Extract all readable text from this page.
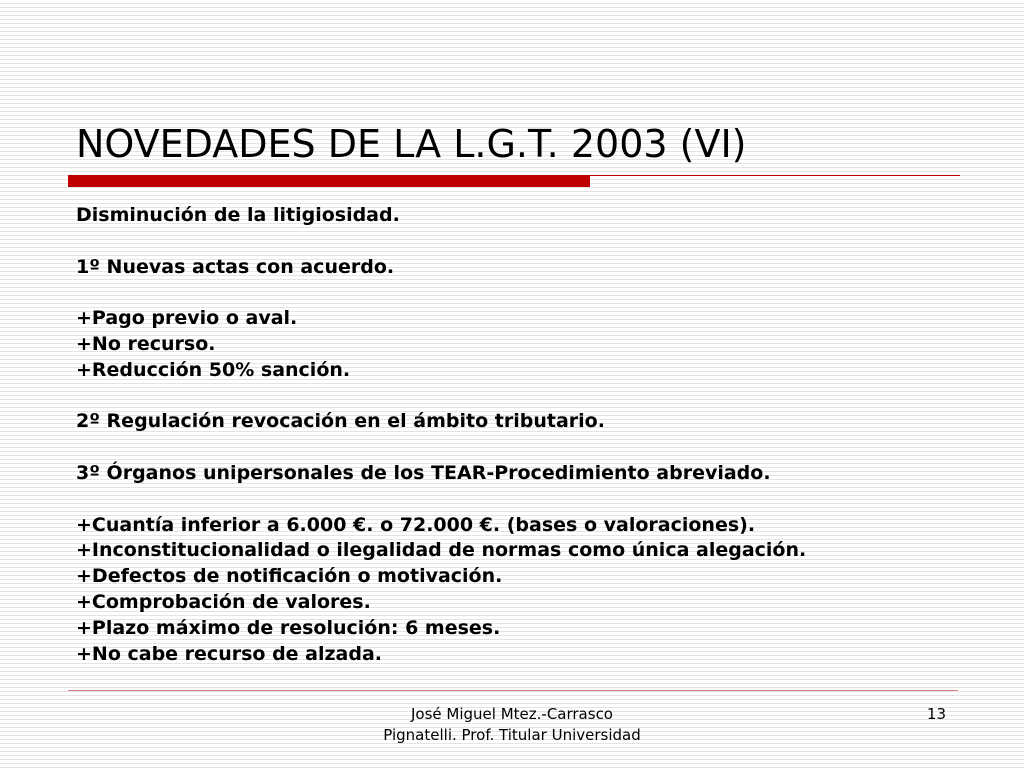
NOVEDADES DE LA L.G.T. 2003 (VI)
Disminución de la litigiosidad.
1º Nuevas actas con acuerdo.
+Pago previo o aval.
+No recurso.
+Reducción 50% sanción.
2º Regulación revocación en el ámbito tributario.
3º Órganos unipersonales de los TEAR-Procedimiento abreviado.
+Cuantía inferior a 6.000 €. o 72.000 €. (bases o valoraciones).
+Inconstitucionalidad o ilegalidad de normas como única alegación.
+Defectos de notificación o motivación.
+Comprobación de valores.
+Plazo máximo de resolución: 6 meses.
+No cabe recurso de alzada.
José Miguel Mtez.-Carrasco
Pignatelli. Prof. Titular Universidad
13
